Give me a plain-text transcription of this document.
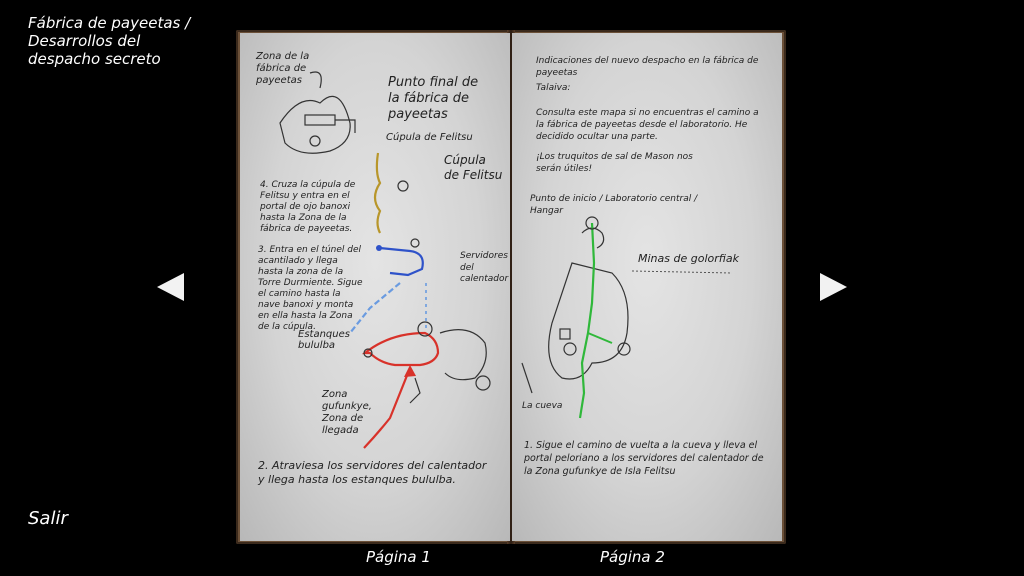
Fábrica de payeetas / Desarrollos del despacho secreto	Zona de la fábrica de payeetas	Punto final de la fábrica de payeetas
Cúpula de Felitsu
Cúpula de Felitsu
4. Cruza la cúpula de Felitsu y entra en el portal de ojo banoxi hasta la Zona de la fábrica de payeetas.
3. Entra en el túnel del acantilado y llega hasta la zona de la Torre Durmiente. Sigue el camino hasta la nave banoxi y monta en ella hasta la Zona de la cúpula.
Servidores del calentador
Estanques bululba
Zona gufunkye, Zona de llegada
2. Atraviesa los servidores del calentador y llega hasta los estanques bululba.
Indicaciones del nuevo despacho en la fábrica de payeetas
Talaiva:
Consulta este mapa si no encuentras el camino a la fábrica de payeetas desde el laboratorio. He decidido ocultar una parte.
¡Los truquitos de sal de Mason nos serán útiles!
Punto de inicio / Laboratorio central / Hangar
Minas de golorfiak
La cueva
1. Sigue el camino de vuelta a la cueva y lleva el portal peloriano a los servidores del calentador de la Zona gufunkye de Isla Felitsu
Página 1	Página 2
Salir
